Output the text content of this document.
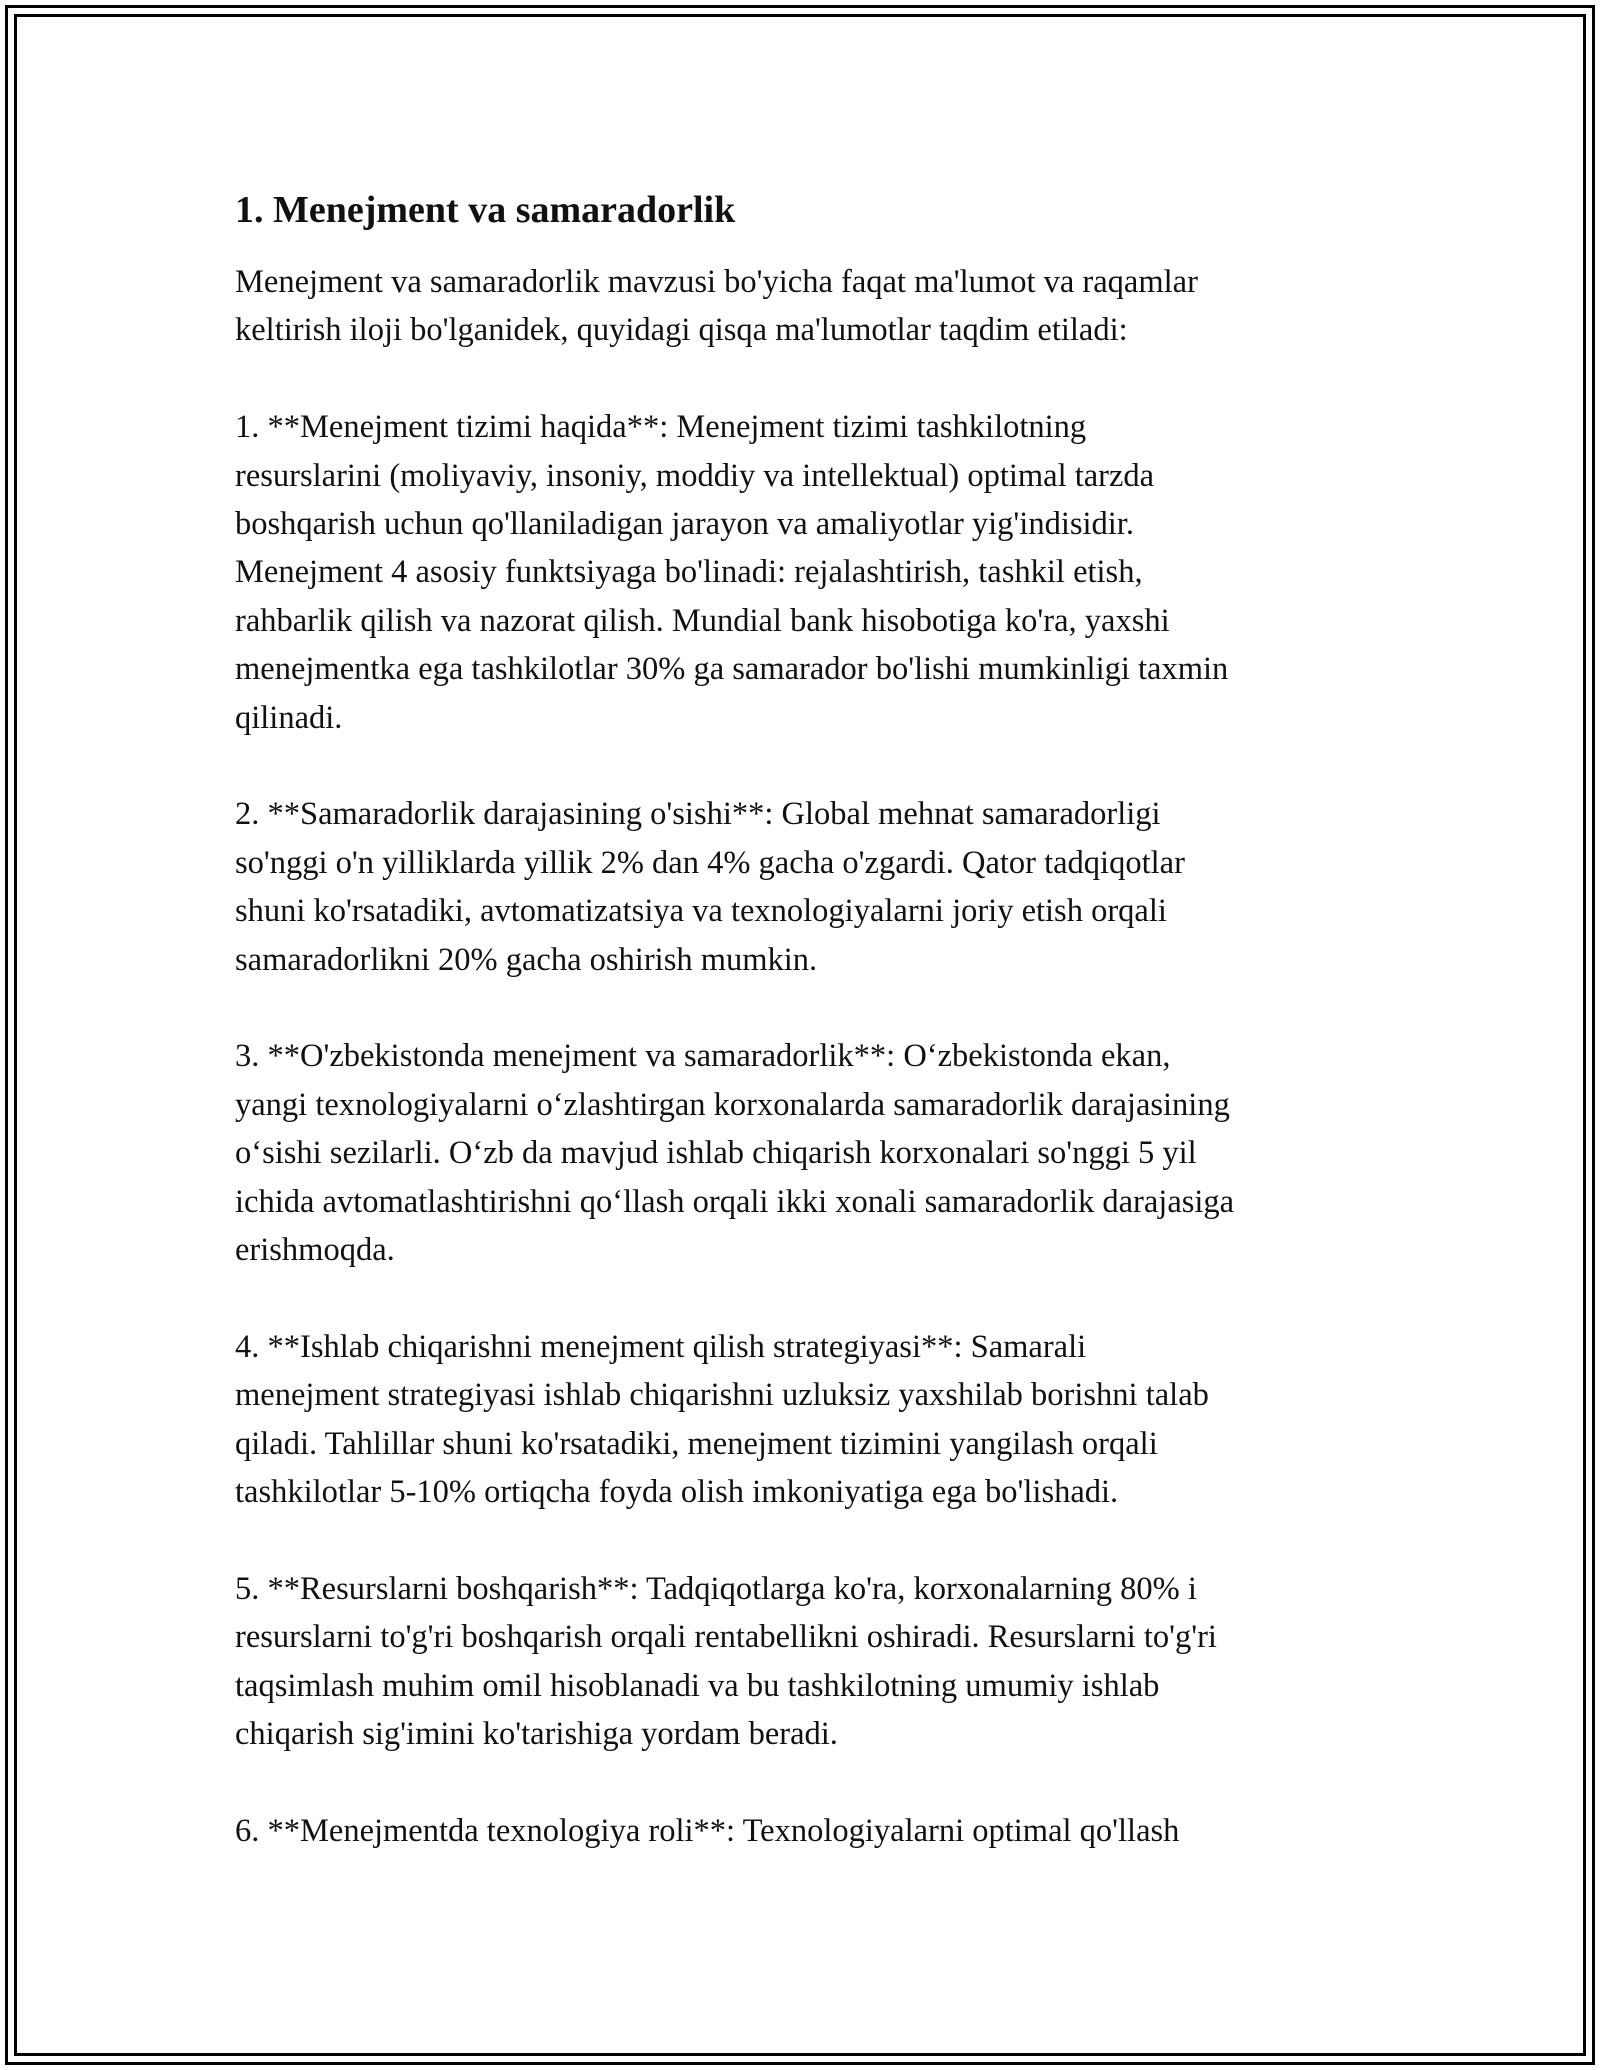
1. Menejment va samaradorlik
Menejment va samaradorlik mavzusi bo'yicha faqat ma'lumot va raqamlar
keltirish iloji bo'lganidek, quyidagi qisqa ma'lumotlar taqdim etiladi:
1. **Menejment tizimi haqida**: Menejment tizimi tashkilotning
resurslarini (moliyaviy, insoniy, moddiy va intellektual) optimal tarzda
boshqarish uchun qo'llaniladigan jarayon va amaliyotlar yig'indisidir.
Menejment 4 asosiy funktsiyaga bo'linadi: rejalashtirish, tashkil etish,
rahbarlik qilish va nazorat qilish. Mundial bank hisobotiga ko'ra, yaxshi
menejmentka ega tashkilotlar 30% ga samarador bo'lishi mumkinligi taxmin
qilinadi.
2. **Samaradorlik darajasining o'sishi**: Global mehnat samaradorligi
so'nggi o'n yilliklarda yillik 2% dan 4% gacha o'zgardi. Qator tadqiqotlar
shuni ko'rsatadiki, avtomatizatsiya va texnologiyalarni joriy etish orqali
samaradorlikni 20% gacha oshirish mumkin.
3. **O'zbekistonda menejment va samaradorlik**: O‘zbekistonda ekan,
yangi texnologiyalarni o‘zlashtirgan korxonalarda samaradorlik darajasining
o‘sishi sezilarli. O‘zb da mavjud ishlab chiqarish korxonalari so'nggi 5 yil
ichida avtomatlashtirishni qo‘llash orqali ikki xonali samaradorlik darajasiga
erishmoqda.
4. **Ishlab chiqarishni menejment qilish strategiyasi**: Samarali
menejment strategiyasi ishlab chiqarishni uzluksiz yaxshilab borishni talab
qiladi. Tahlillar shuni ko'rsatadiki, menejment tizimini yangilash orqali
tashkilotlar 5-10% ortiqcha foyda olish imkoniyatiga ega bo'lishadi.
5. **Resurslarni boshqarish**: Tadqiqotlarga ko'ra, korxonalarning 80% i
resurslarni to'g'ri boshqarish orqali rentabellikni oshiradi. Resurslarni to'g'ri
taqsimlash muhim omil hisoblanadi va bu tashkilotning umumiy ishlab
chiqarish sig'imini ko'tarishiga yordam beradi.
6. **Menejmentda texnologiya roli**: Texnologiyalarni optimal qo'llash
